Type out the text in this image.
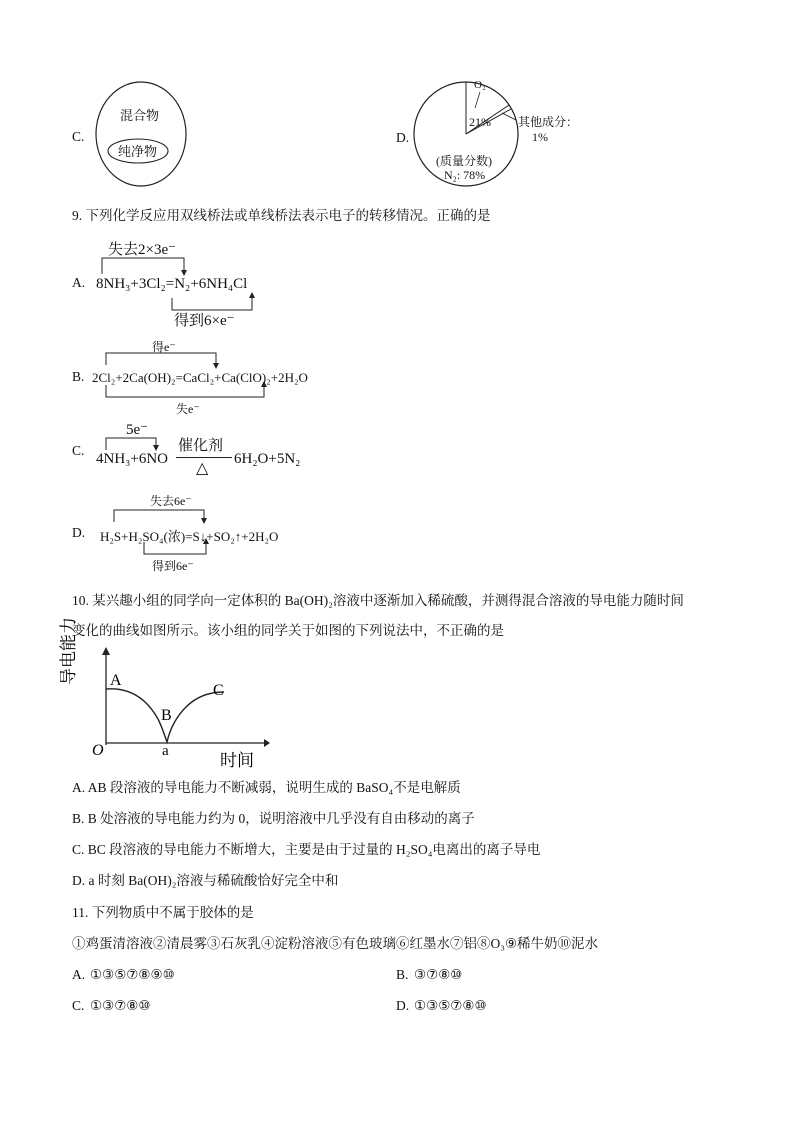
C.
混合物
纯净物
D.
O₂
21% 其他成分：
1%
(质量分数)
N₂: 78%
9. 下列化学反应用双线桥法或单线桥法表示电子的转移情况。正确的是
A.
失去2×3e⁻
8NH₃+3Cl₂=N₂+6NH₄Cl
得到6×e⁻
B.
得e⁻
2Cl₂+2Ca(OH)₂=CaCl₂+Ca(ClO)₂+2H₂O
失e⁻
C.
5e⁻
4NH₃+6NO
催化剂
△
6H₂O+5N₂
D.
失去6e⁻
H₂S+H₂SO₄(浓)=S↓+SO₂↑+2H₂O
得到6e⁻
10. 某兴趣小组的同学向一定体积的 Ba(OH)₂溶液中逐渐加入稀硫酸，并测得混合溶液的导电能力随时间
变化的曲线如图所示。该小组的同学关于如图的下列说法中，不正确的是
导电能力
O
A
B
C
a	时间
A. AB 段溶液的导电能力不断减弱，说明生成的 BaSO₄不是电解质
B. B 处溶液的导电能力约为 0，说明溶液中几乎没有自由移动的离子
C. BC 段溶液的导电能力不断增大，主要是由于过量的 H₂SO₄电离出的离子导电
D. a 时刻 Ba(OH)₂溶液与稀硫酸恰好完全中和
11. 下列物质中不属于胶体的是
①鸡蛋清溶液②清晨雾③石灰乳④淀粉溶液⑤有色玻璃⑥红墨水⑦铝⑧O₃⑨稀牛奶⑩泥水
A. ①③⑤⑦⑧⑨⑩	B. ③⑦⑧⑩
C. ①③⑦⑧⑩	D. ①③⑤⑦⑧⑩
